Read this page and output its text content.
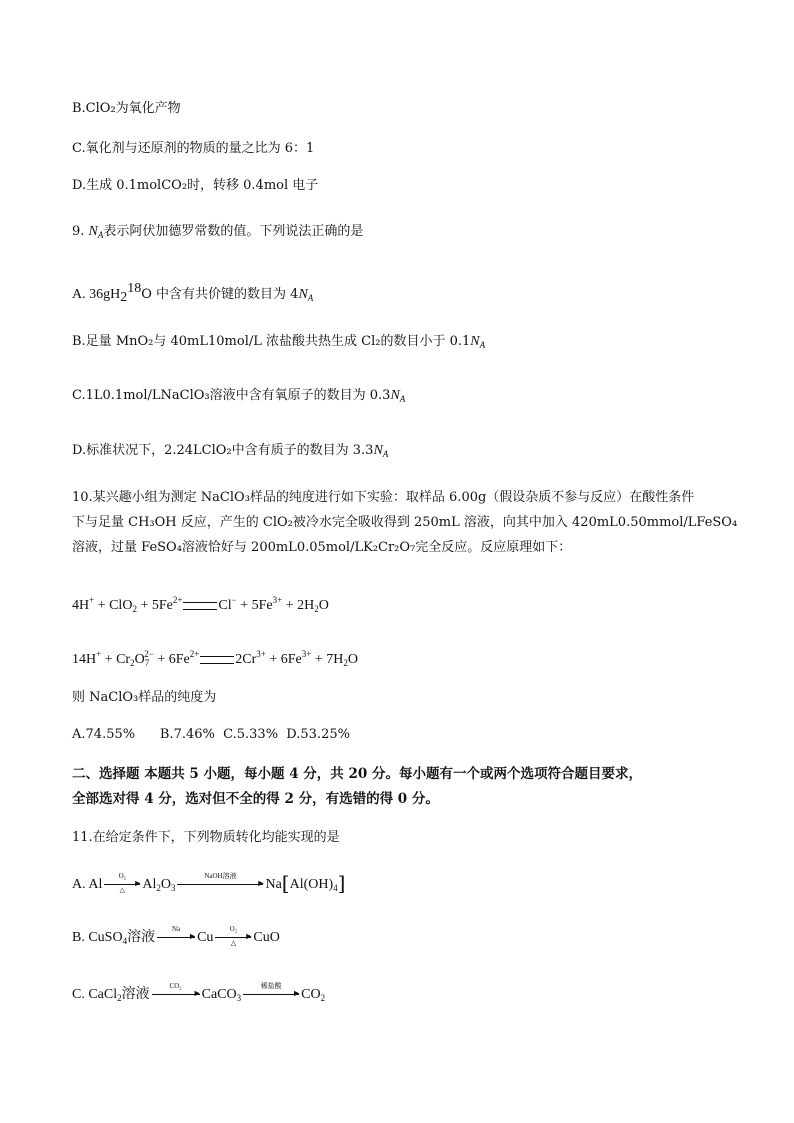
B.ClO₂为氧化产物
C.氧化剂与还原剂的物质的量之比为 6：1
D.生成 0.1molCO₂时，转移 0.4mol 电子
9. $N_A$表示阿伏加德罗常数的值。下列说法正确的是
A. $36gH_2^{18}O$ 中含有共价键的数目为 $4N_A$
B.足量 MnO₂与 40mL10mol/L 浓盐酸共热生成 Cl₂的数目小于 $0.1N_A$
C.1L0.1mol/LNaClO₃溶液中含有氧原子的数目为 $0.3N_A$
D.标准状况下，2.24LClO₂中含有质子的数目为 $3.3N_A$
10.某兴趣小组为测定 NaClO₃样品的纯度进行如下实验：取样品 6.00g（假设杂质不参与反应）在酸性条件
下与足量 CH₃OH 反应，产生的 ClO₂被冷水完全吸收得到 250mL 溶液，向其中加入 420mL0.50mmol/LFeSO₄
溶液，过量 FeSO₄溶液恰好与 200mL0.05mol/LK₂Cr₂O₇完全反应。反应原理如下：
$4H^+ + ClO_2 + 5Fe^{2+}$	$Cl^- + 5Fe^{3+} + 2H_2O$
$14H^+ + Cr_2O_7^{2-} + 6Fe^{2+}$	$2Cr^{3+} + 6Fe^{3+} + 7H_2O$
则 NaClO₃样品的纯度为
A.74.55%      B.7.46%  C.5.33%  D.53.25%
二、选择题 本题共 5 小题，每小题 4 分，共 20 分。每小题有一个或两个选项符合题目要求，
全部选对得 4 分，选对但不全的得 2 分，有选错的得 0 分。
11.在给定条件下，下列物质转化均能实现的是
A. Al
O₂
►
△	$Al_2O_3$
NaOH溶液
► $Na[Al(OH)_4]$
B. CuSO$_4$溶液
Na
► Cu
O₂
►
△	CuO
C. CaCl$_2$溶液
CO₂
► CaCO$_3$
稀盐酸
► $CO_2$
